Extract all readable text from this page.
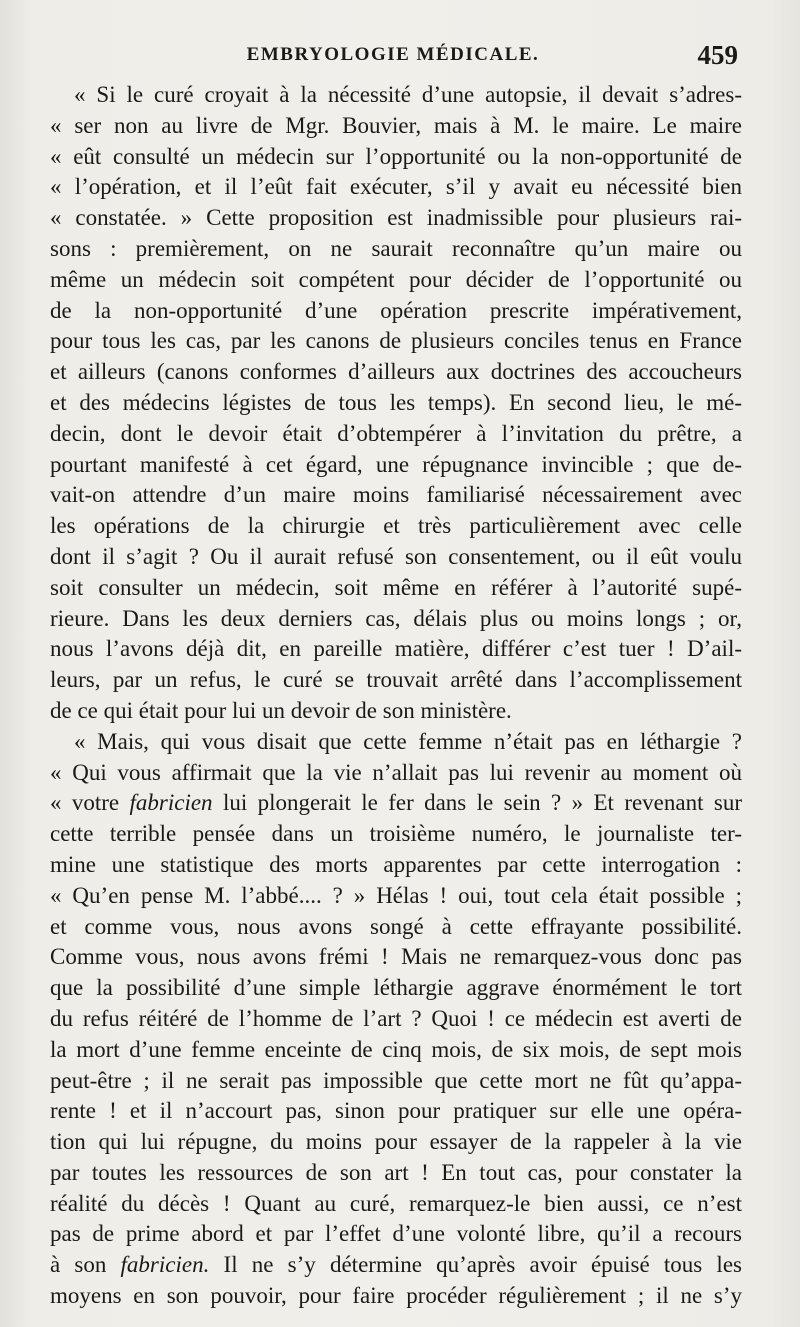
EMBRYOLOGIE MÉDICALE.	459
« Si le curé croyait à la nécessité d’une autopsie, il devait s’adres-
« ser non au livre de Mgr. Bouvier, mais à M. le maire. Le maire
« eût consulté un médecin sur l’opportunité ou la non-opportunité de
« l’opération, et il l’eût fait exécuter, s’il y avait eu nécessité bien
« constatée. » Cette proposition est inadmissible pour plusieurs rai-
sons : premièrement, on ne saurait reconnaître qu’un maire ou
même un médecin soit compétent pour décider de l’opportunité ou
de la non-opportunité d’une opération prescrite impérativement,
pour tous les cas, par les canons de plusieurs conciles tenus en France
et ailleurs (canons conformes d’ailleurs aux doctrines des accoucheurs
et des médecins légistes de tous les temps). En second lieu, le mé-
decin, dont le devoir était d’obtempérer à l’invitation du prêtre, a
pourtant manifesté à cet égard, une répugnance invincible ; que de-
vait-on attendre d’un maire moins familiarisé nécessairement avec
les opérations de la chirurgie et très particulièrement avec celle
dont il s’agit ? Ou il aurait refusé son consentement, ou il eût voulu
soit consulter un médecin, soit même en référer à l’autorité supé-
rieure. Dans les deux derniers cas, délais plus ou moins longs ; or,
nous l’avons déjà dit, en pareille matière, différer c’est tuer ! D’ail-
leurs, par un refus, le curé se trouvait arrêté dans l’accomplissement
de ce qui était pour lui un devoir de son ministère.
« Mais, qui vous disait que cette femme n’était pas en léthargie ?
« Qui vous affirmait que la vie n’allait pas lui revenir au moment où
« votre fabricien lui plongerait le fer dans le sein ? » Et revenant sur
cette terrible pensée dans un troisième numéro, le journaliste ter-
mine une statistique des morts apparentes par cette interrogation :
« Qu’en pense M. l’abbé.... ? » Hélas ! oui, tout cela était possible ;
et comme vous, nous avons songé à cette effrayante possibilité.
Comme vous, nous avons frémi ! Mais ne remarquez-vous donc pas
que la possibilité d’une simple léthargie aggrave énormément le tort
du refus réitéré de l’homme de l’art ? Quoi ! ce médecin est averti de
la mort d’une femme enceinte de cinq mois, de six mois, de sept mois
peut-être ; il ne serait pas impossible que cette mort ne fût qu’appa-
rente ! et il n’accourt pas, sinon pour pratiquer sur elle une opéra-
tion qui lui répugne, du moins pour essayer de la rappeler à la vie
par toutes les ressources de son art ! En tout cas, pour constater la
réalité du décès ! Quant au curé, remarquez-le bien aussi, ce n’est
pas de prime abord et par l’effet d’une volonté libre, qu’il a recours
à son fabricien. Il ne s’y détermine qu’après avoir épuisé tous les
moyens en son pouvoir, pour faire procéder régulièrement ; il ne s’y
